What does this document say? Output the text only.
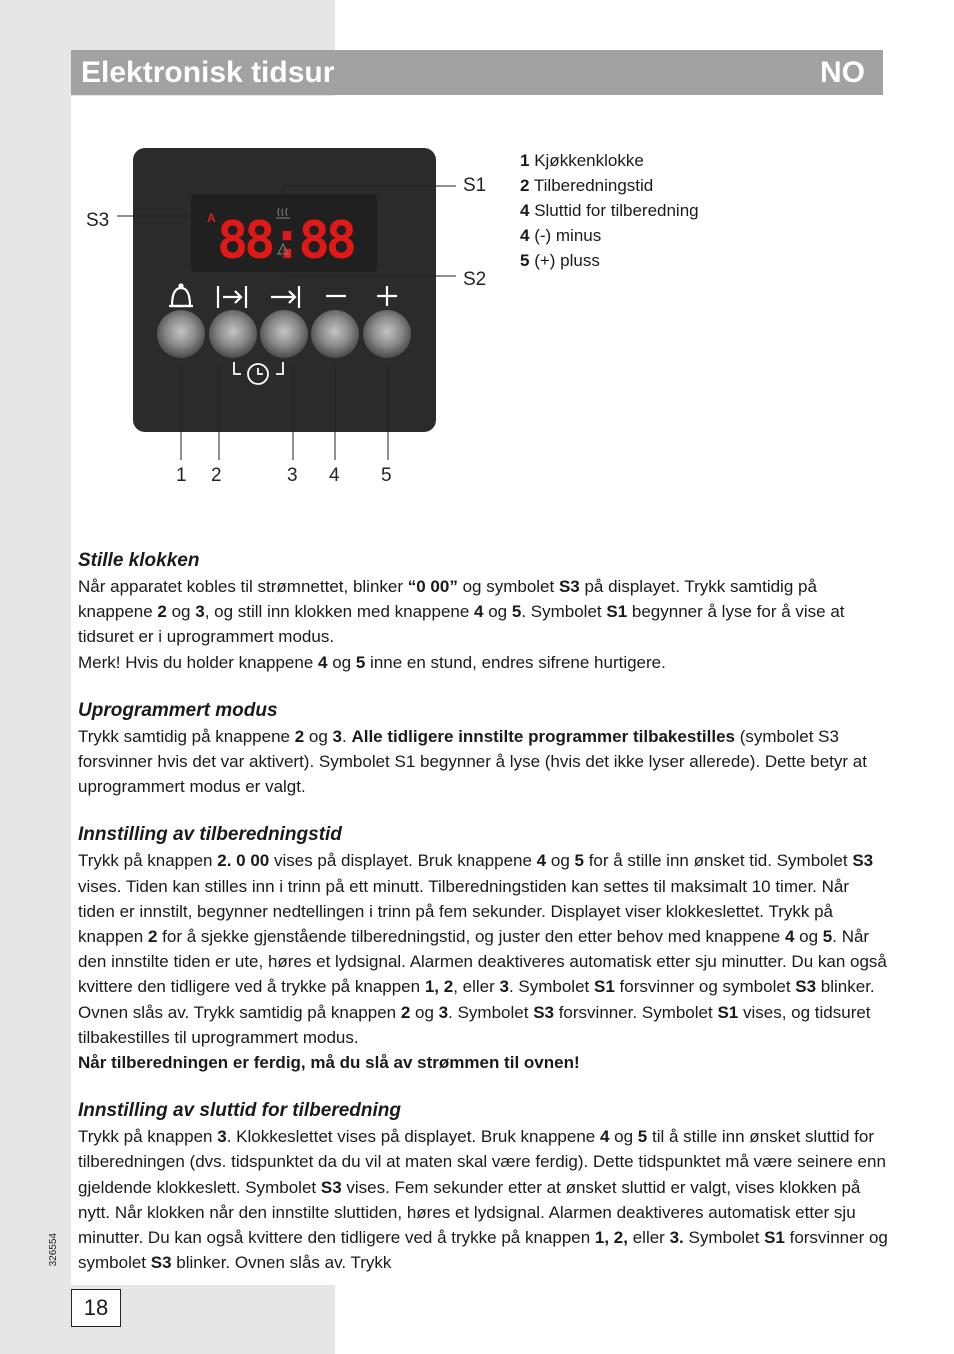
Elektronisk tidsur	NO
A 88:88
S1
S2
S3
1 2	3 4 5
1 Kjøkkenklokke
2 Tilberedningstid
4 Sluttid for tilberedning
4 (-) minus
5 (+) pluss
Stille klokken

Når apparatet kobles til strømnettet, blinker “0 00” og symbolet S3 på displayet. Trykk samtidig på knappene 2 og 3, og still inn klokken med knappene 4 og 5. Symbolet S1 begynner å lyse for å vise at tidsuret er i uprogrammert modus.

Merk! Hvis du holder knappene 4 og 5 inne en stund, endres sifrene hurtigere.

Uprogrammert modus

Trykk samtidig på knappene 2 og 3. Alle tidligere innstilte programmer tilbakestilles (symbolet S3 forsvinner hvis det var aktivert). Symbolet S1 begynner å lyse (hvis det ikke lyser allerede). Dette betyr at uprogrammert modus er valgt.

Innstilling av tilberedningstid

Trykk på knappen 2. 0 00 vises på displayet. Bruk knappene 4 og 5 for å stille inn ønsket tid. Symbolet S3 vises. Tiden kan stilles inn i trinn på ett minutt. Tilberedningstiden kan settes til maksimalt 10 timer. Når tiden er innstilt, begynner nedtellingen i trinn på fem sekunder. Displayet viser klokkeslettet. Trykk på knappen 2 for å sjekke gjenstående tilberedningstid, og juster den etter behov med knappene 4 og 5. Når den innstilte tiden er ute, høres et lydsignal. Alarmen deaktiveres automatisk etter sju minutter. Du kan også kvittere den tidligere ved å trykke på knappen 1, 2, eller 3. Symbolet S1 forsvinner og symbolet S3 blinker. Ovnen slås av. Trykk samtidig på knappen 2 og 3. Symbolet S3 forsvinner. Symbolet S1 vises, og tidsuret tilbakestilles til uprogrammert modus.

Når tilberedningen er ferdig, må du slå av strømmen til ovnen!

Innstilling av sluttid for tilberedning

Trykk på knappen 3. Klokkeslettet vises på displayet. Bruk knappene 4 og 5 til å stille inn ønsket sluttid for tilberedningen (dvs. tidspunktet da du vil at maten skal være ferdig). Dette tidspunktet må være seinere enn gjeldende klokkeslett. Symbolet S3 vises. Fem sekunder etter at ønsket sluttid er valgt, vises klokken på nytt. Når klokken når den innstilte sluttiden, høres et lydsignal. Alarmen deaktiveres automatisk etter sju minutter. Du kan også kvittere den tidligere ved å trykke på knappen 1, 2, eller 3. Symbolet S1 forsvinner og symbolet S3 blinker. Ovnen slås av. Trykk

326554
18
